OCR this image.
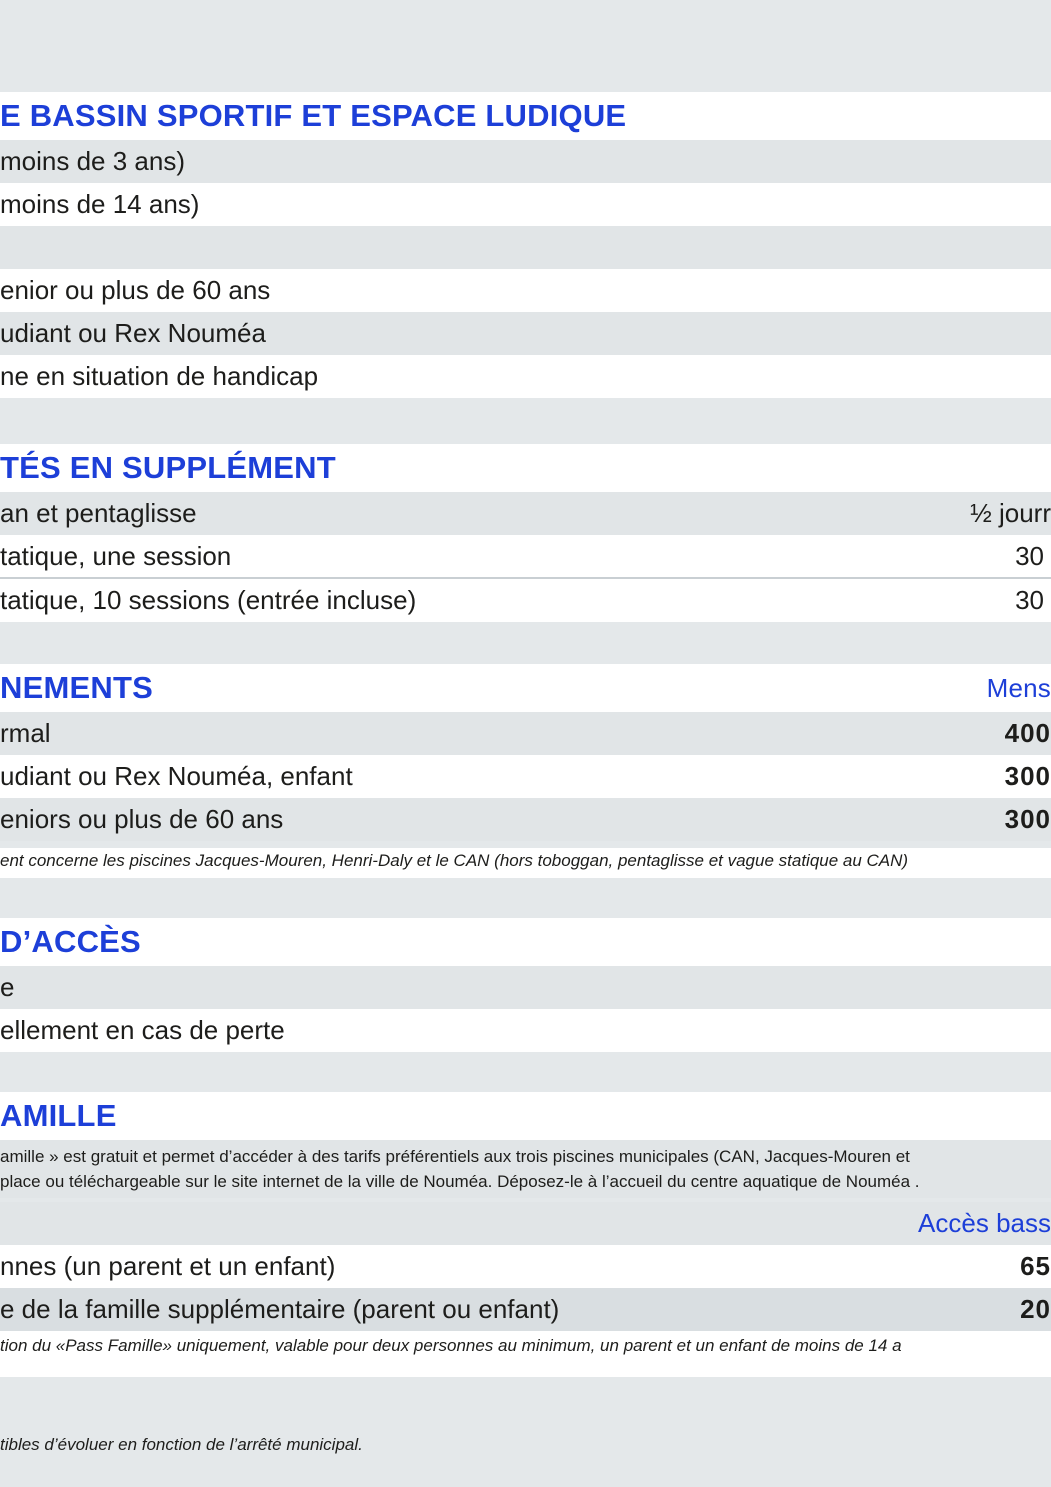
E BASSIN SPORTIF ET ESPACE LUDIQUE
moins de 3 ans)
moins de 14 ans)
enior ou plus de 60 ans
udiant ou Rex Nouméa
ne en situation de handicap
TÉS EN SUPPLÉMENT
an et pentaglisse	½ jourr
tatique, une session	30
tatique, 10 sessions (entrée incluse)	30
NEMENTS	Mens
rmal	400
udiant ou Rex Nouméa, enfant	300
eniors ou plus de 60 ans	300
ent concerne les piscines Jacques-Mouren, Henri-Daly et le CAN (hors toboggan, pentaglisse et vague statique au CAN)
D’ACCÈS
e
ellement en cas de perte
AMILLE
amille » est gratuit et permet d’accéder à des tarifs préférentiels aux trois piscines municipales (CAN, Jacques-Mouren et
place ou téléchargeable sur le site internet de la ville de Nouméa. Déposez-le à l’accueil du centre aquatique de Nouméa .
Accès bass
nnes (un parent et un enfant)	65
e de la famille supplémentaire (parent ou enfant)	20
tion du «Pass Famille» uniquement, valable pour deux personnes au minimum, un parent et un enfant de moins de 14 a
tibles d’évoluer en fonction de l’arrêté municipal.
